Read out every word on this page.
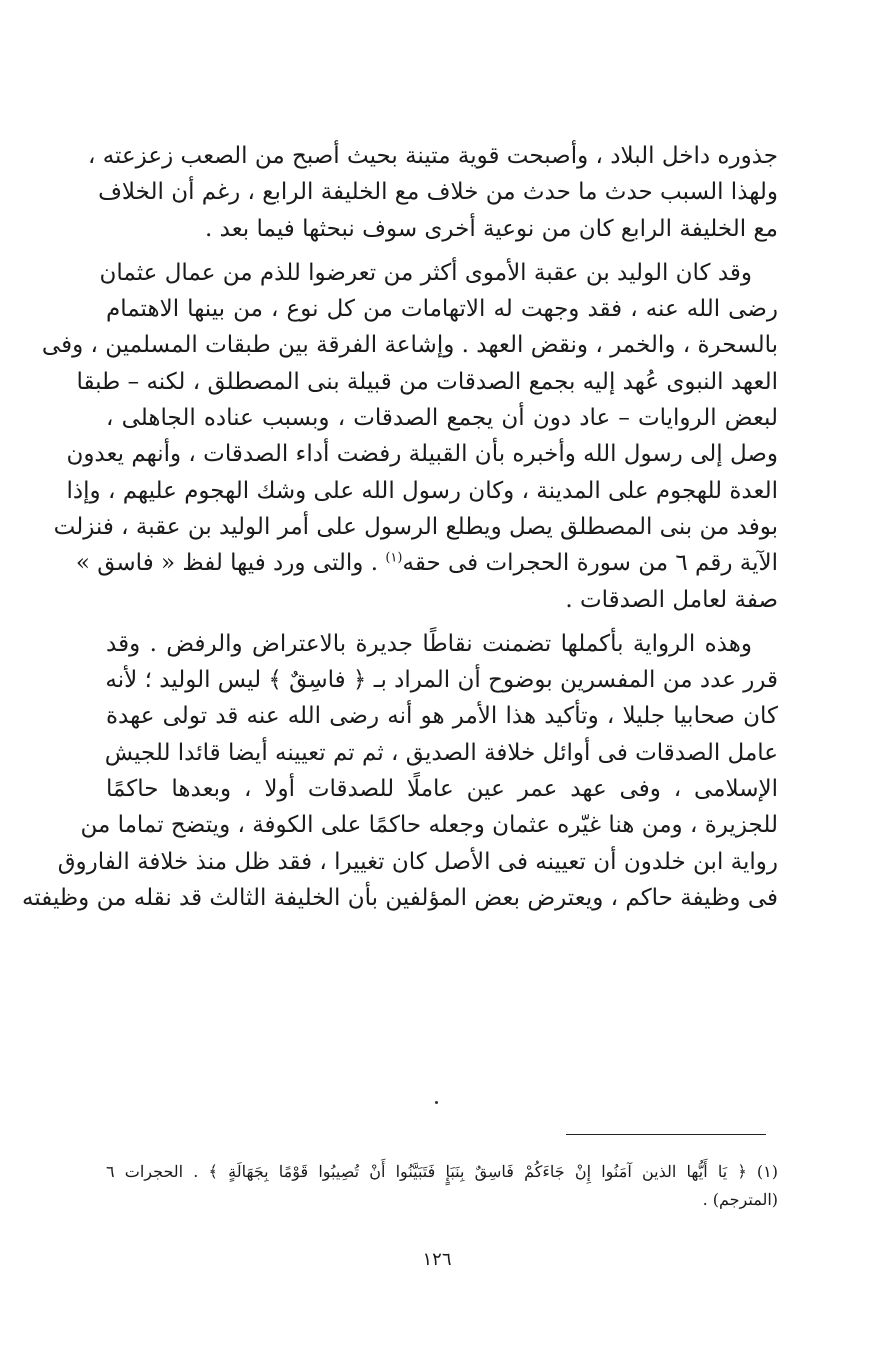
جذوره داخل البلاد ، وأصبحت قوية متينة بحيث أصبح من الصعب زعزعته ،
ولهذا السبب حدث ما حدث من خلاف مع الخليفة الرابع ، رغم أن الخلاف
مع الخليفة الرابع كان من نوعية أخرى سوف نبحثها فيما بعد .
وقد كان الوليد بن عقبة الأموى أكثر من تعرضوا للذم من عمال عثمان
رضى الله عنه ، فقد وجهت له الاتهامات من كل نوع ، من بينها الاهتمام
بالسحرة ، والخمر ، ونقض العهد . وإشاعة الفرقة بين طبقات المسلمين ، وفى
العهد النبوى عُهد إليه بجمع الصدقات من قبيلة بنى المصطلق ، لكنه – طبقا
لبعض الروايات – عاد دون أن يجمع الصدقات ، وبسبب عناده الجاهلى ،
وصل إلى رسول الله وأخبره بأن القبيلة رفضت أداء الصدقات ، وأنهم يعدون
العدة للهجوم على المدينة ، وكان رسول الله على وشك الهجوم عليهم ، وإذا
بوفد من بنى المصطلق يصل ويطلع الرسول على أمر الوليد بن عقبة ، فنزلت
الآية رقم ٦ من سورة الحجرات فى حقه$^{(١)}$ . والتى ورد فيها لفظ « فاسق »
صفة لعامل الصدقات .
وهذه الرواية بأكملها تضمنت نقاطًا جديرة بالاعتراض والرفض . وقد
قرر عدد من المفسرين بوضوح أن المراد بـ ﴿ فاسِقٌ ﴾ ليس الوليد ؛ لأنه
كان صحابيا جليلا ، وتأكيد هذا الأمر هو أنه رضى الله عنه قد تولى عهدة
عامل الصدقات فى أوائل خلافة الصديق ، ثم تم تعيينه أيضا قائدا للجيش
الإسلامى ، وفى عهد عمر عين عاملًا للصدقات أولا ، وبعدها حاكمًا
للجزيرة ، ومن هنا غيّره عثمان وجعله حاكمًا على الكوفة ، ويتضح تماما من
رواية ابن خلدون أن تعيينه فى الأصل كان تغييرا ، فقد ظل منذ خلافة الفاروق
فى وظيفة حاكم ، ويعترض بعض المؤلفين بأن الخليفة الثالث قد نقله من وظيفته
(١) ﴿ يَا أَيُّها الذين آمَنُوا إِنْ جَاءَكُمْ فَاسِقٌ بِنَبَإٍ فَتَبَيَّنُوا أَنْ تُصِيبُوا قَوْمًا بِجَهَالَةٍ ﴾ . الحجرات ٦
(المترجم) .
١٢٦
